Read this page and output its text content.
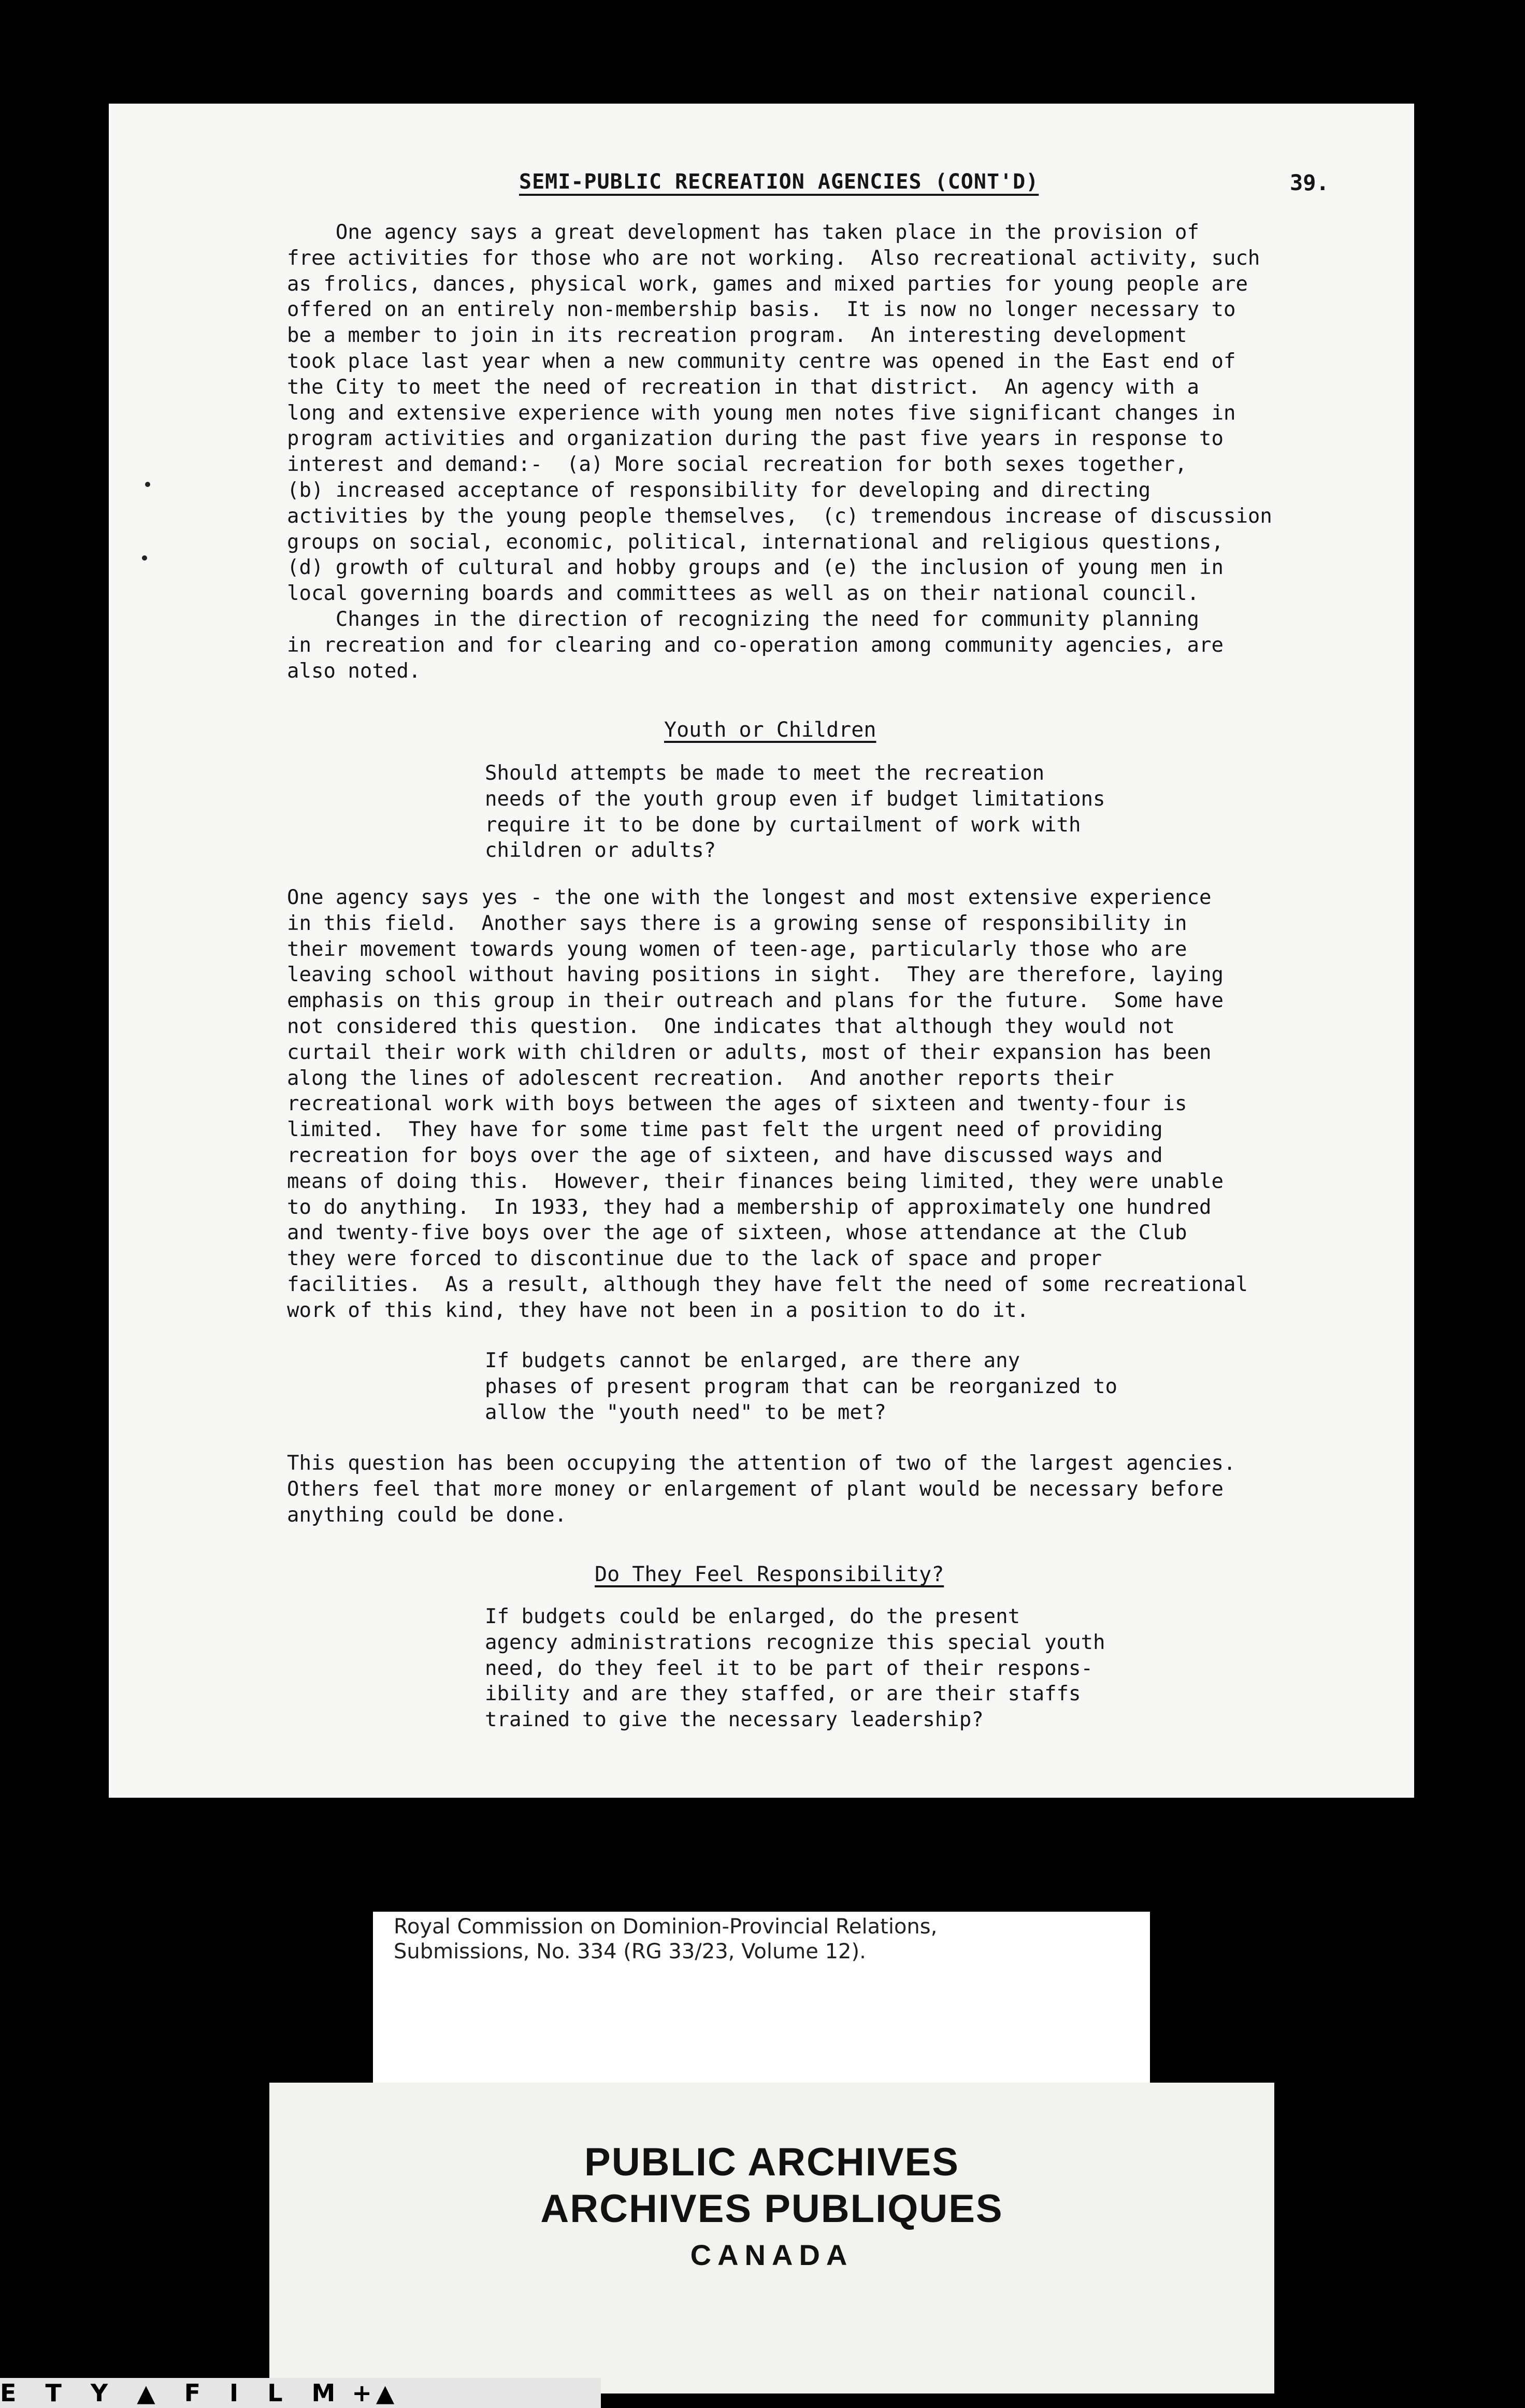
SEMI-PUBLIC RECREATION AGENCIES (CONT'D)	39.
One agency says a great development has taken place in the provision of
free activities for those who are not working.  Also recreational activity, such
as frolics, dances, physical work, games and mixed parties for young people are
offered on an entirely non-membership basis.  It is now no longer necessary to
be a member to join in its recreation program.  An interesting development
took place last year when a new community centre was opened in the East end of
the City to meet the need of recreation in that district.  An agency with a
long and extensive experience with young men notes five significant changes in
program activities and organization during the past five years in response to
interest and demand:-  (a) More social recreation for both sexes together,
(b) increased acceptance of responsibility for developing and directing
activities by the young people themselves,  (c) tremendous increase of discussion
groups on social, economic, political, international and religious questions,
(d) growth of cultural and hobby groups and (e) the inclusion of young men in
local governing boards and committees as well as on their national council.
Changes in the direction of recognizing the need for community planning
in recreation and for clearing and co-operation among community agencies, are
also noted.
Youth or Children
Should attempts be made to meet the recreation
needs of the youth group even if budget limitations
require it to be done by curtailment of work with
children or adults?
One agency says yes - the one with the longest and most extensive experience
in this field.  Another says there is a growing sense of responsibility in
their movement towards young women of teen-age, particularly those who are
leaving school without having positions in sight.  They are therefore, laying
emphasis on this group in their outreach and plans for the future.  Some have
not considered this question.  One indicates that although they would not
curtail their work with children or adults, most of their expansion has been
along the lines of adolescent recreation.  And another reports their
recreational work with boys between the ages of sixteen and twenty-four is
limited.  They have for some time past felt the urgent need of providing
recreation for boys over the age of sixteen, and have discussed ways and
means of doing this.  However, their finances being limited, they were unable
to do anything.  In 1933, they had a membership of approximately one hundred
and twenty-five boys over the age of sixteen, whose attendance at the Club
they were forced to discontinue due to the lack of space and proper
facilities.  As a result, although they have felt the need of some recreational
work of this kind, they have not been in a position to do it.
If budgets cannot be enlarged, are there any
phases of present program that can be reorganized to
allow the "youth need" to be met?
This question has been occupying the attention of two of the largest agencies.
Others feel that more money or enlargement of plant would be necessary before
anything could be done.
Do They Feel Responsibility?
If budgets could be enlarged, do the present
agency administrations recognize this special youth
need, do they feel it to be part of their respons-
ibility and are they staffed, or are their staffs
trained to give the necessary leadership?
Royal Commission on Dominion-Provincial Relations,
Submissions, No. 334 (RG 33/23, Volume 12).
PUBLIC ARCHIVES
ARCHIVES PUBLIQUES
CANADA
E  T  Y  ▲  F  I  L  M +▲
